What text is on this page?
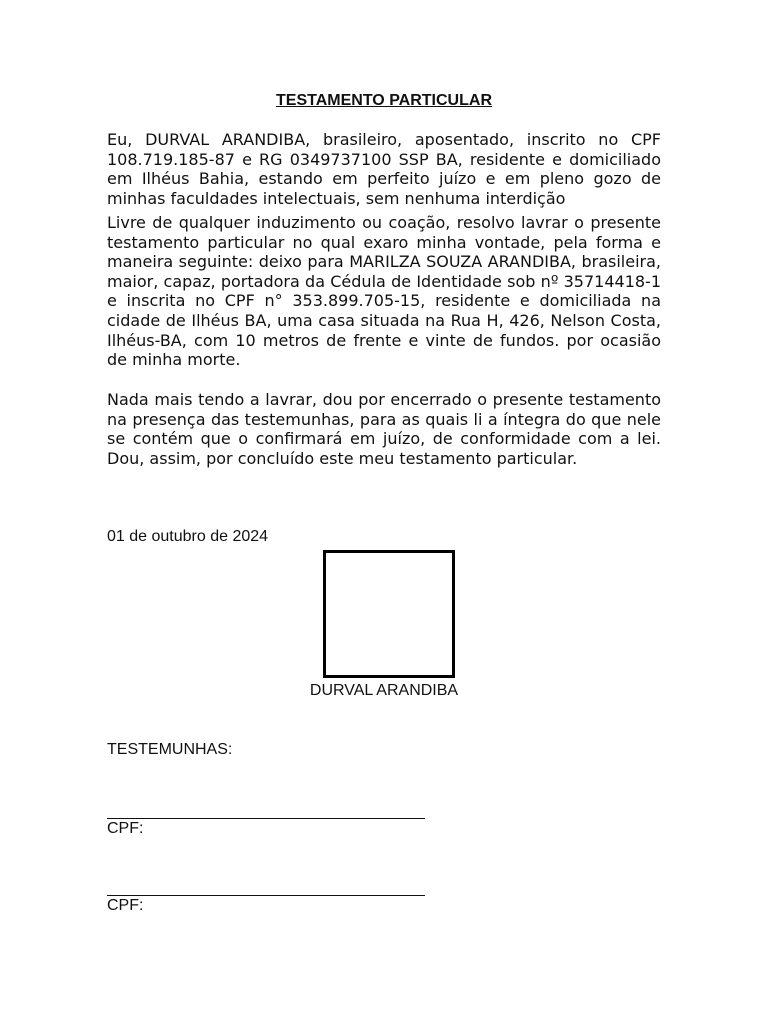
TESTAMENTO PARTICULAR

Eu, DURVAL ARANDIBA, brasileiro, aposentado, inscrito no CPF 108.719.185-87 e RG 0349737100 SSP BA, residente e domiciliado em Ilhéus Bahia, estando em perfeito juízo e em pleno gozo de minhas faculdades intelectuais, sem nenhuma interdição

Livre de qualquer induzimento ou coação, resolvo lavrar o presente testamento particular no qual exaro minha vontade, pela forma e maneira seguinte: deixo para MARILZA SOUZA ARANDIBA, brasileira, maior, capaz, portadora da Cédula de Identidade sob nº 35714418-1 e inscrita no CPF n° 353.899.705-15, residente e domiciliada na cidade de Ilhéus BA, uma casa situada na Rua H, 426, Nelson Costa, Ilhéus-BA, com 10 metros de frente e vinte de fundos. por ocasião de minha morte.

Nada mais tendo a lavrar, dou por encerrado o presente testamento na presença das testemunhas, para as quais li a íntegra do que nele se contém que o confirmará em juízo, de conformidade com a lei. Dou, assim, por concluído este meu testamento particular.

01 de outubro de 2024
DURVAL ARANDIBA
TESTEMUNHAS:
CPF:
CPF:
